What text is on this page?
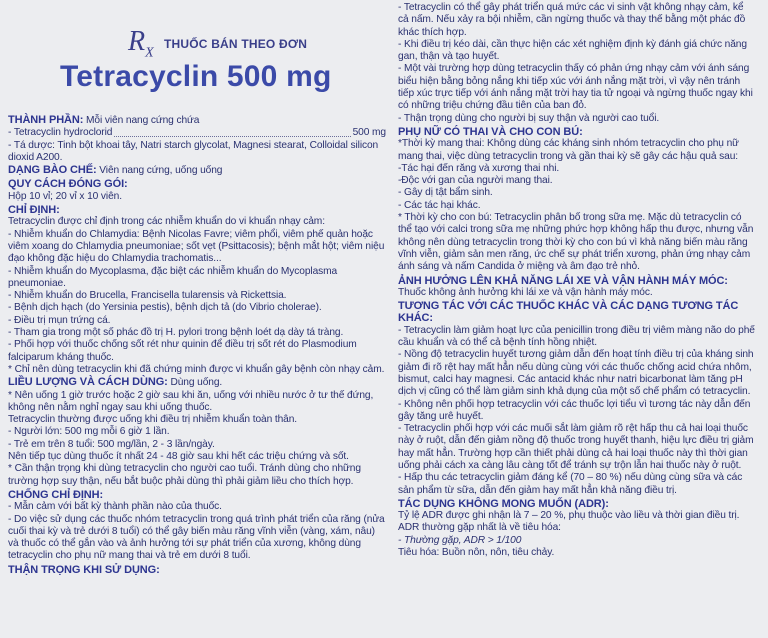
$R_X$
THUỐC BÁN THEO ĐƠN
Tetracyclin 500 mg
THÀNH PHẦN: Mỗi viên nang cứng chứa
- Tetracyclin hydroclorid	500 mg
- Tá dược: Tinh bột khoai tây, Natri starch glycolat, Magnesi stearat, Colloidal silicon dioxid A200.
DẠNG BÀO CHẾ: Viên nang cứng, uống uống
QUY CÁCH ĐÓNG GÓI:
Hộp 10 vỉ; 20 vỉ x 10 viên.
CHỈ ĐỊNH:
Tetracyclin được chỉ định trong các nhiễm khuẩn do vi khuẩn nhạy cảm:
- Nhiễm khuẩn do Chlamydia: Bệnh Nicolas Favre; viêm phổi, viêm phế quản hoặc viêm xoang do Chlamydia pneumoniae; sốt vẹt (Psittacosis); bệnh mắt hột; viêm niệu đạo không đặc hiệu do Chlamydia trachomatis...
- Nhiễm khuẩn do Mycoplasma, đặc biệt các nhiễm khuẩn do Mycoplasma pneumoniae.
- Nhiễm khuẩn do Brucella, Francisella tularensis và Rickettsia.
- Bệnh dịch hạch (do Yersinia pestis), bệnh dịch tả (do Vibrio cholerae).
- Điều trị mụn trứng cá.
- Tham gia trong một số phác đồ trị H. pylori trong bệnh loét dạ dày tá tràng.
- Phối hợp với thuốc chống sốt rét như quinin để điều trị sốt rét do Plasmodium falciparum kháng thuốc.
* Chỉ nên dùng tetracyclin khi đã chứng minh được vi khuẩn gây bệnh còn nhạy cảm.
LIỀU LƯỢNG VÀ CÁCH DÙNG: Dùng uống.
* Nên uống 1 giờ trước hoặc 2 giờ sau khi ăn, uống với nhiều nước ở tư thế đứng, không nên nằm nghỉ ngay sau khi uống thuốc.
Tetracyclin thường được uống khi điều trị nhiễm khuẩn toàn thân.
- Người lớn: 500 mg mỗi 6 giờ 1 lần.
- Trẻ em trên 8 tuổi: 500 mg/lần, 2 - 3 lần/ngày.
Nên tiếp tục dùng thuốc ít nhất 24 - 48 giờ sau khi hết các triệu chứng và sốt.
* Cần thận trọng khi dùng tetracyclin cho người cao tuổi. Tránh dùng cho những trường hợp suy thận, nếu bắt buộc phải dùng thì phải giảm liều cho thích hợp.
CHỐNG CHỈ ĐỊNH:
- Mẫn cảm với bất kỳ thành phần nào của thuốc.
- Do việc sử dụng các thuốc nhóm tetracyclin trong quá trình phát triển của răng (nửa cuối thai kỳ và trẻ dưới 8 tuổi) có thể gây biến màu răng vĩnh viễn (vàng, xám, nâu) và thuốc có thể gắn vào và ảnh hưởng tới sự phát triển của xương, không dùng tetracyclin cho phụ nữ mang thai và trẻ em dưới 8 tuổi.
THẬN TRỌNG KHI SỬ DỤNG:
- Tetracyclin có thể gây phát triển quá mức các vi sinh vật không nhạy cảm, kể cả nấm. Nếu xảy ra bội nhiễm, cần ngừng thuốc và thay thế bằng một phác đồ khác thích hợp.
- Khi điều trị kéo dài, cần thực hiện các xét nghiệm định kỳ đánh giá chức năng gan, thận và tạo huyết.
- Một vài trường hợp dùng tetracyclin thấy có phản ứng nhạy cảm với ánh sáng biểu hiện bằng bỏng nắng khi tiếp xúc với ánh nắng mặt trời, vì vậy nên tránh tiếp xúc trực tiếp với ánh nắng mặt trời hay tia tử ngoại và ngừng thuốc ngay khi có những triệu chứng đầu tiên của ban đỏ.
- Thận trọng dùng cho người bị suy thận và người cao tuổi.
PHỤ NỮ CÓ THAI VÀ CHO CON BÚ:
*Thời kỳ mang thai: Không dùng các kháng sinh nhóm tetracyclin cho phụ nữ mang thai, việc dùng tetracyclin trong và gần thai kỳ sẽ gây các hậu quả sau:
-Tác hại đến răng và xương thai nhi.
-Độc với gan của người mang thai.
- Gây dị tật bẩm sinh.
- Các tác hại khác.
* Thời kỳ cho con bú: Tetracyclin phân bố trong sữa mẹ. Mặc dù tetracyclin có thể tạo với calci trong sữa mẹ những phức hợp không hấp thu được, nhưng vẫn không nên dùng tetracyclin trong thời kỳ cho con bú vì khả năng biến màu răng vĩnh viễn, giảm sản men răng, ức chế sự phát triển xương, phản ứng nhạy cảm ánh sáng và nấm Candida ở miệng và âm đạo trẻ nhỏ.
ẢNH HƯỞNG LÊN KHẢ NĂNG LÁI XE VÀ VẬN HÀNH MÁY MÓC:
Thuốc không ảnh hưởng khi lái xe và vận hành máy móc.
TƯƠNG TÁC VỚI CÁC THUỐC KHÁC VÀ CÁC DẠNG TƯƠNG TÁC KHÁC:
- Tetracyclin làm giảm hoạt lực của penicillin trong điều trị viêm màng não do phế cầu khuẩn và có thể cả bệnh tính hồng nhiệt.
- Nồng độ tetracyclin huyết tương giảm dẫn đến hoạt tính điều trị của kháng sinh giảm đi rõ rệt hay mất hẳn nếu dùng cùng với các thuốc chống acid chứa nhôm, bismut, calci hay magnesi. Các antacid khác như natri bicarbonat làm tăng pH dịch vị cũng có thể làm giảm sinh khả dụng của một số chế phẩm có tetracyclin.
- Không nên phối hợp tetracyclin với các thuốc lợi tiểu vì tương tác này dẫn đến gây tăng urê huyết.
- Tetracyclin phối hợp với các muối sắt làm giảm rõ rệt hấp thu cả hai loại thuốc này ở ruột, dẫn đến giảm nồng độ thuốc trong huyết thanh, hiệu lực điều trị giảm hay mất hẳn. Trường hợp cần thiết phải dùng cả hai loại thuốc này thì thời gian uống phải cách xa càng lâu càng tốt để tránh sự trộn lẫn hai thuốc này ở ruột.
- Hấp thu các tetracyclin giảm đáng kể (70 – 80 %) nếu dùng cùng sữa và các sản phẩm từ sữa, dẫn đến giảm hay mất hẳn khả năng điều trị.
TÁC DỤNG KHÔNG MONG MUỐN (ADR):
Tỷ lệ ADR được ghi nhận là 7 – 20 %, phụ thuộc vào liều và thời gian điều trị.
ADR thường gặp nhất là về tiêu hóa:
- Thường gặp, ADR > 1/100
Tiêu hóa: Buồn nôn, nôn, tiêu chảy.
